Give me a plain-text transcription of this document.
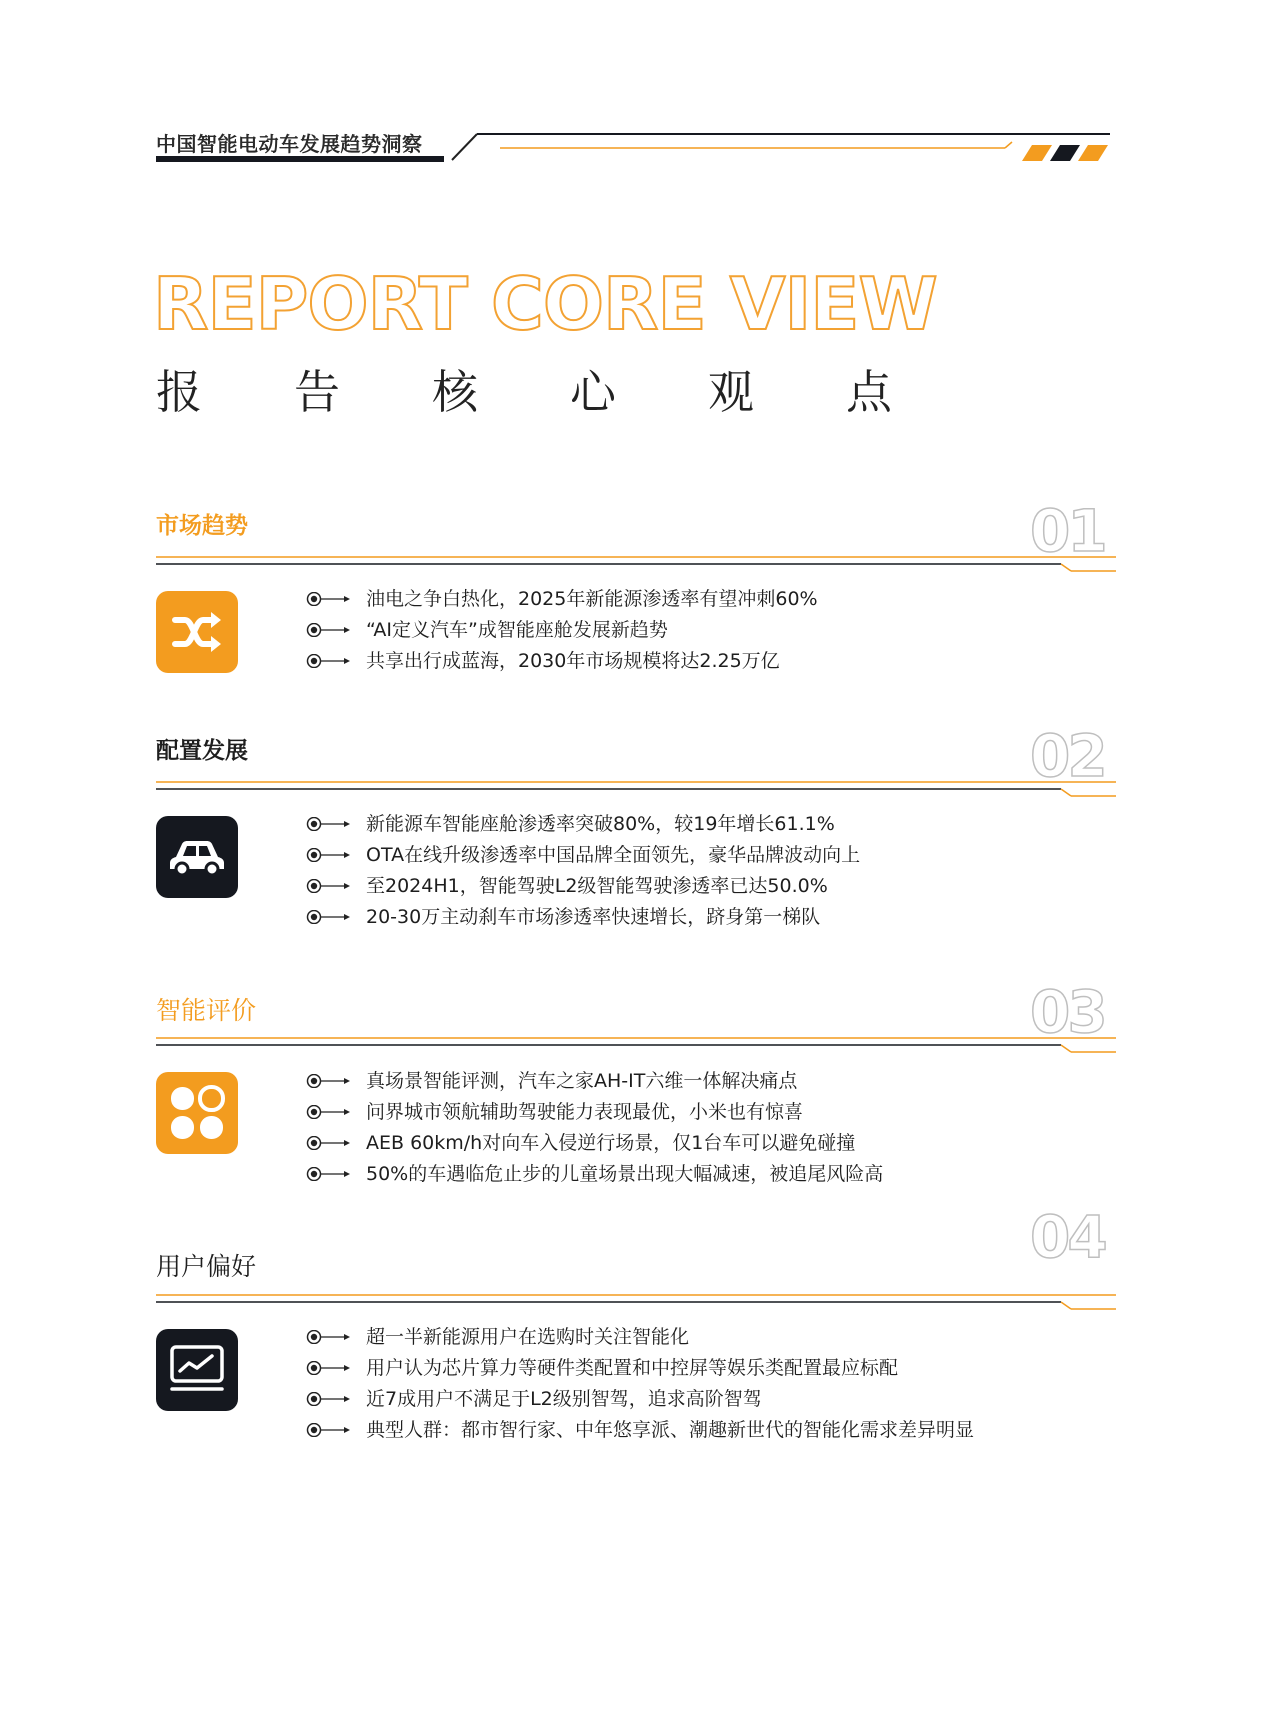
中国智能电动车发展趋势洞察
REPORT CORE VIEW
报 告 核 心 观 点
市场趋势	01
油电之争白热化，2025年新能源渗透率有望冲刺60%
“AI定义汽车”成智能座舱发展新趋势
共享出行成蓝海，2030年市场规模将达2.25万亿
配置发展	02
新能源车智能座舱渗透率突破80%，较19年增长61.1%
OTA在线升级渗透率中国品牌全面领先，豪华品牌波动向上
至2024H1，智能驾驶L2级智能驾驶渗透率已达50.0%
20-30万主动刹车市场渗透率快速增长，跻身第一梯队
智能评价	03
真场景智能评测，汽车之家AH-IT六维一体解决痛点
问界城市领航辅助驾驶能力表现最优，小米也有惊喜
AEB 60km/h对向车入侵逆行场景，仅1台车可以避免碰撞
50%的车遇临危止步的儿童场景出现大幅减速，被追尾风险高
用户偏好	04
超一半新能源用户在选购时关注智能化
用户认为芯片算力等硬件类配置和中控屏等娱乐类配置最应标配
近7成用户不满足于L2级别智驾，追求高阶智驾
典型人群：都市智行家、中年悠享派、潮趣新世代的智能化需求差异明显
